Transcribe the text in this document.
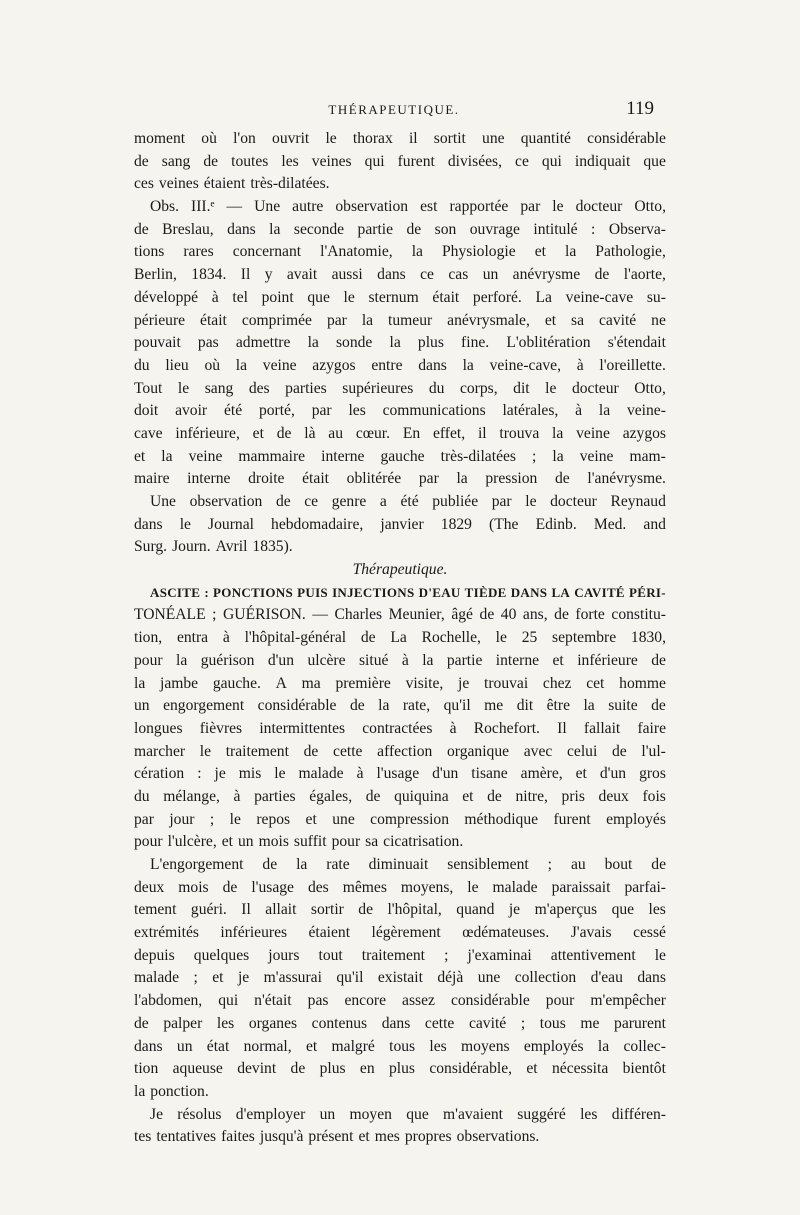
THÉRAPEUTIQUE.	119
moment où l'on ouvrit le thorax il sortit une quantité considérable
de sang de toutes les veines qui furent divisées, ce qui indiquait que
ces veines étaient très-dilatées.
Obs. III.ᵉ — Une autre observation est rapportée par le docteur Otto,
de Breslau, dans la seconde partie de son ouvrage intitulé : Observa-
tions rares concernant l'Anatomie, la Physiologie et la Pathologie,
Berlin, 1834. Il y avait aussi dans ce cas un anévrysme de l'aorte,
développé à tel point que le sternum était perforé. La veine-cave su-
périeure était comprimée par la tumeur anévrysmale, et sa cavité ne
pouvait pas admettre la sonde la plus fine. L'oblitération s'étendait
du lieu où la veine azygos entre dans la veine-cave, à l'oreillette.
Tout le sang des parties supérieures du corps, dit le docteur Otto,
doit avoir été porté, par les communications latérales, à la veine-
cave inférieure, et de là au cœur. En effet, il trouva la veine azygos
et la veine mammaire interne gauche très-dilatées ; la veine mam-
maire interne droite était oblitérée par la pression de l'anévrysme.
Une observation de ce genre a été publiée par le docteur Reynaud
dans le Journal hebdomadaire, janvier 1829 (The Edinb. Med. and
Surg. Journ. Avril 1835).
Thérapeutique.
ASCITE : PONCTIONS PUIS INJECTIONS D'EAU TIÈDE DANS LA CAVITÉ PÉRI-
TONÉALE ; GUÉRISON. — Charles Meunier, âgé de 40 ans, de forte constitu-
tion, entra à l'hôpital-général de La Rochelle, le 25 septembre 1830,
pour la guérison d'un ulcère situé à la partie interne et inférieure de
la jambe gauche. A ma première visite, je trouvai chez cet homme
un engorgement considérable de la rate, qu'il me dit être la suite de
longues fièvres intermittentes contractées à Rochefort. Il fallait faire
marcher le traitement de cette affection organique avec celui de l'ul-
cération : je mis le malade à l'usage d'un tisane amère, et d'un gros
du mélange, à parties égales, de quiquina et de nitre, pris deux fois
par jour ; le repos et une compression méthodique furent employés
pour l'ulcère, et un mois suffit pour sa cicatrisation.
L'engorgement de la rate diminuait sensiblement ; au bout de
deux mois de l'usage des mêmes moyens, le malade paraissait parfai-
tement guéri. Il allait sortir de l'hôpital, quand je m'aperçus que les
extrémités inférieures étaient légèrement œdémateuses. J'avais cessé
depuis quelques jours tout traitement ; j'examinai attentivement le
malade ; et je m'assurai qu'il existait déjà une collection d'eau dans
l'abdomen, qui n'était pas encore assez considérable pour m'empêcher
de palper les organes contenus dans cette cavité ; tous me parurent
dans un état normal, et malgré tous les moyens employés la collec-
tion aqueuse devint de plus en plus considérable, et nécessita bientôt
la ponction.
Je résolus d'employer un moyen que m'avaient suggéré les différen-
tes tentatives faites jusqu'à présent et mes propres observations.
